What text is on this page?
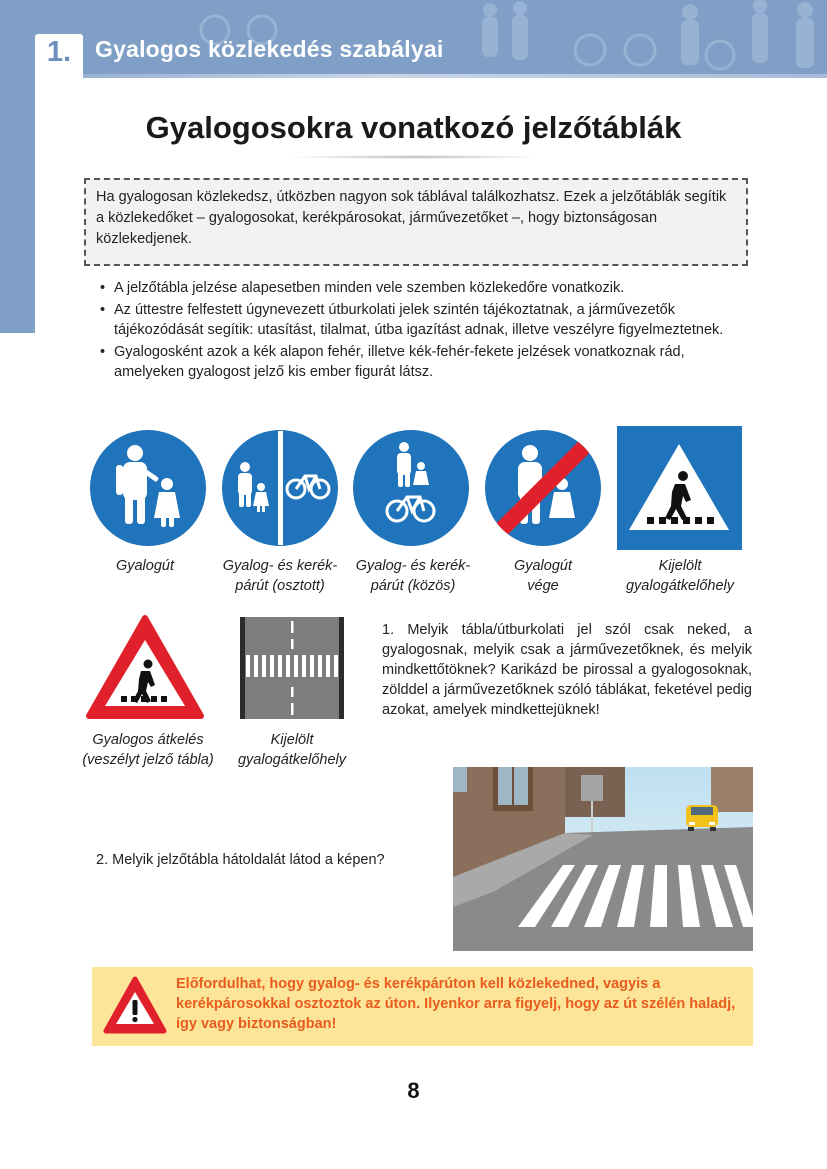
1.	Gyalogos közlekedés szabályai
Gyalogosokra vonatkozó jelzőtáblák
Ha gyalogosan közlekedsz, útközben nagyon sok táblával találkozhatsz. Ezek a jelzőtáblák segítik a közlekedőket – gyalogosokat, kerékpárosokat, járművezetőket –, hogy biztonságosan közlekedjenek.
• A jelzőtábla jelzése alapesetben minden vele szemben közlekedőre vonatkozik.
• Az úttestre felfestett úgynevezett útburkolati jelek szintén tájékoztatnak, a járművezetők tájékozódását segítik: utasítást, tilalmat, útba igazítást adnak, illetve veszélyre figyelmeztetnek.
• Gyalogosként azok a kék alapon fehér, illetve kék-fehér-fekete jelzések vonatkoznak rád, amelyeken gyalogost jelző kis ember figurát látsz.
Gyalogút	Gyalog- és kerék-
párút (osztott)
Gyalog- és kerék-
párút (közös)
Gyalogút
vége
Kijelölt
gyalogátkelőhely
Gyalogos átkelés
(veszélyt jelző tábla)
Kijelölt
gyalogátkelőhely
1. Melyik tábla/útburkolati jel szól csak neked, a gyalogosnak, melyik csak a járművezetőknek, és melyik mindkettőtöknek? Karikázd be pirossal a gyalogosoknak, zölddel a járművezetőknek szóló táblákat, feketével pedig azokat, amelyek mindkettejüknek!
2. Melyik jelzőtábla hátoldalát látod a képen?
Előfordulhat, hogy gyalog- és kerékpárúton kell közlekedned, vagyis a kerékpárosokkal osztoztok az úton. Ilyenkor arra figyelj, hogy az út szélén haladj, így vagy biztonságban!
8
